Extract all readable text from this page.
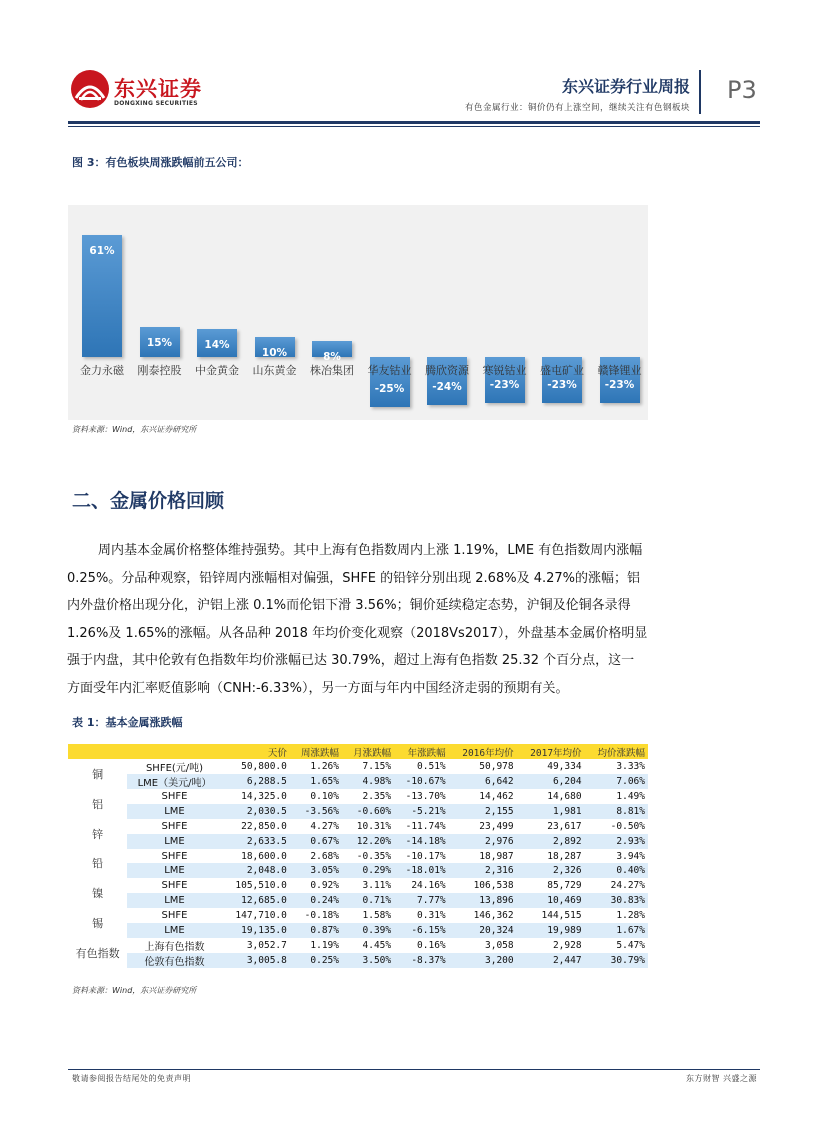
东兴证券
DONGXING SECURITIES
东兴证券行业周报
有色金属行业：铜价仍有上涨空间，继续关注有色钢板块
P3
图 3：有色板块周涨跌幅前五公司：
61%
金力永磁
15%
刚泰控股
14%
中金黄金
10%
山东黄金
8%
株冶集团
-25%
华友钴业
-24%
腾欣资源
-23%
寒锐钴业
-23%
盛屯矿业
-23%
赣锋锂业
资料来源：Wind，东兴证券研究所
二、金属价格回顾
周内基本金属价格整体维持强势。其中上海有色指数周内上涨 1.19%，LME 有色指数周内涨幅
0.25%。分品种观察，铅锌周内涨幅相对偏强，SHFE 的铅锌分别出现 2.68%及 4.27%的涨幅；铝
内外盘价格出现分化，沪铝上涨 0.1%而伦铝下滑 3.56%；铜价延续稳定态势，沪铜及伦铜各录得
1.26%及 1.65%的涨幅。从各品种 2018 年均价变化观察（2018Vs2017），外盘基本金属价格明显
强于内盘，其中伦敦有色指数年均价涨幅已达 30.79%，超过上海有色指数 25.32 个百分点，这一
方面受年内汇率贬值影响（CNH:-6.33%），另一方面与年内中国经济走弱的预期有关。
表 1：基本金属涨跌幅
		天价	周涨跌幅	月涨跌幅	年涨跌幅	2016年均价	2017年均价	均价涨跌幅
铜	SHFE(元/吨)	50,800.0	1.26%	7.15%	0.51%	50,978	49,334	3.33%
	LME（美元/吨）	6,288.5	1.65%	4.98%	-10.67%	6,642	6,204	7.06%
铝	SHFE	14,325.0	0.10%	2.35%	-13.70%	14,462	14,680	1.49%
	LME	2,030.5	-3.56%	-0.60%	-5.21%	2,155	1,981	8.81%
锌	SHFE	22,850.0	4.27%	10.31%	-11.74%	23,499	23,617	-0.50%
	LME	2,633.5	0.67%	12.20%	-14.18%	2,976	2,892	2.93%
铅	SHFE	18,600.0	2.68%	-0.35%	-10.17%	18,987	18,287	3.94%
	LME	2,048.0	3.05%	0.29%	-18.01%	2,316	2,326	0.40%
镍	SHFE	105,510.0	0.92%	3.11%	24.16%	106,538	85,729	24.27%
	LME	12,685.0	0.24%	0.71%	7.77%	13,896	10,469	30.83%
锡	SHFE	147,710.0	-0.18%	1.58%	0.31%	146,362	144,515	1.28%
	LME	19,135.0	0.87%	0.39%	-6.15%	20,324	19,989	1.67%
有色指数	上海有色指数	3,052.7	1.19%	4.45%	0.16%	3,058	2,928	5.47%
	伦敦有色指数	3,005.8	0.25%	3.50%	-8.37%	3,200	2,447	30.79%
资料来源：Wind，东兴证券研究所
敬请参阅报告结尾处的免责声明	东方财智 兴盛之源
